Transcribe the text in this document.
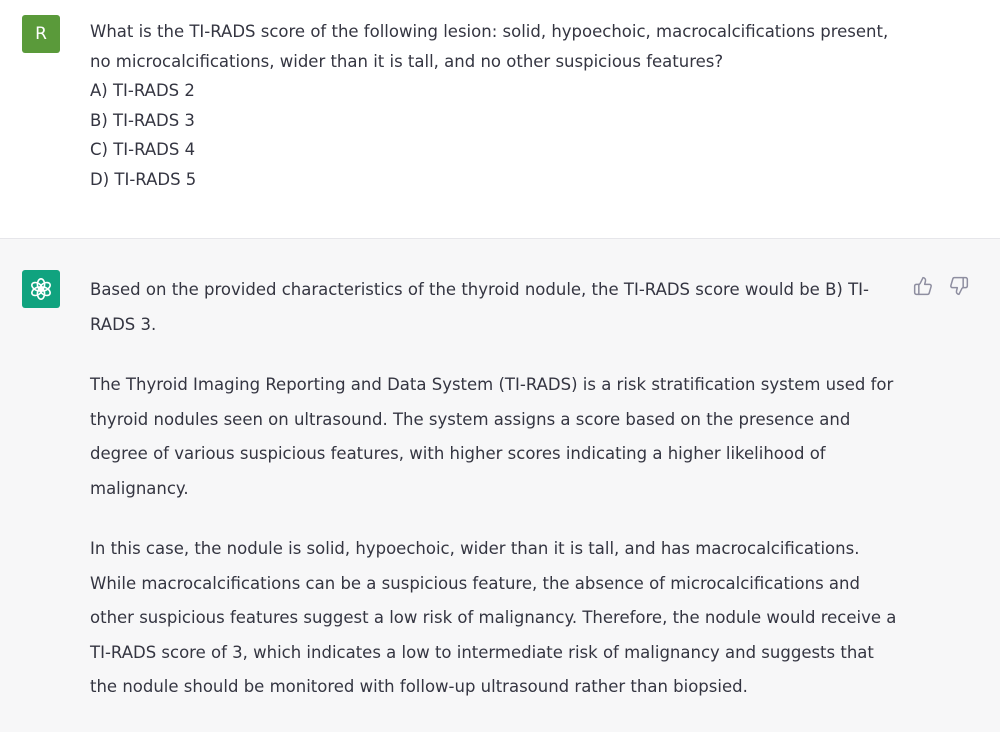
R	What is the TI-RADS score of the following lesion: solid, hypoechoic, macrocalcifications present, no microcalcifications, wider than it is tall, and no other suspicious features?

A) TI-RADS 2
B) TI-RADS 3
C) TI-RADS 4
D) TI-RADS 5

Based on the provided characteristics of the thyroid nodule, the TI-RADS score would be B) TI-RADS 3.

The Thyroid Imaging Reporting and Data System (TI-RADS) is a risk stratification system used for thyroid nodules seen on ultrasound. The system assigns a score based on the presence and degree of various suspicious features, with higher scores indicating a higher likelihood of malignancy.

In this case, the nodule is solid, hypoechoic, wider than it is tall, and has macrocalcifications. While macrocalcifications can be a suspicious feature, the absence of microcalcifications and other suspicious features suggest a low risk of malignancy. Therefore, the nodule would receive a TI-RADS score of 3, which indicates a low to intermediate risk of malignancy and suggests that the nodule should be monitored with follow-up ultrasound rather than biopsied.
